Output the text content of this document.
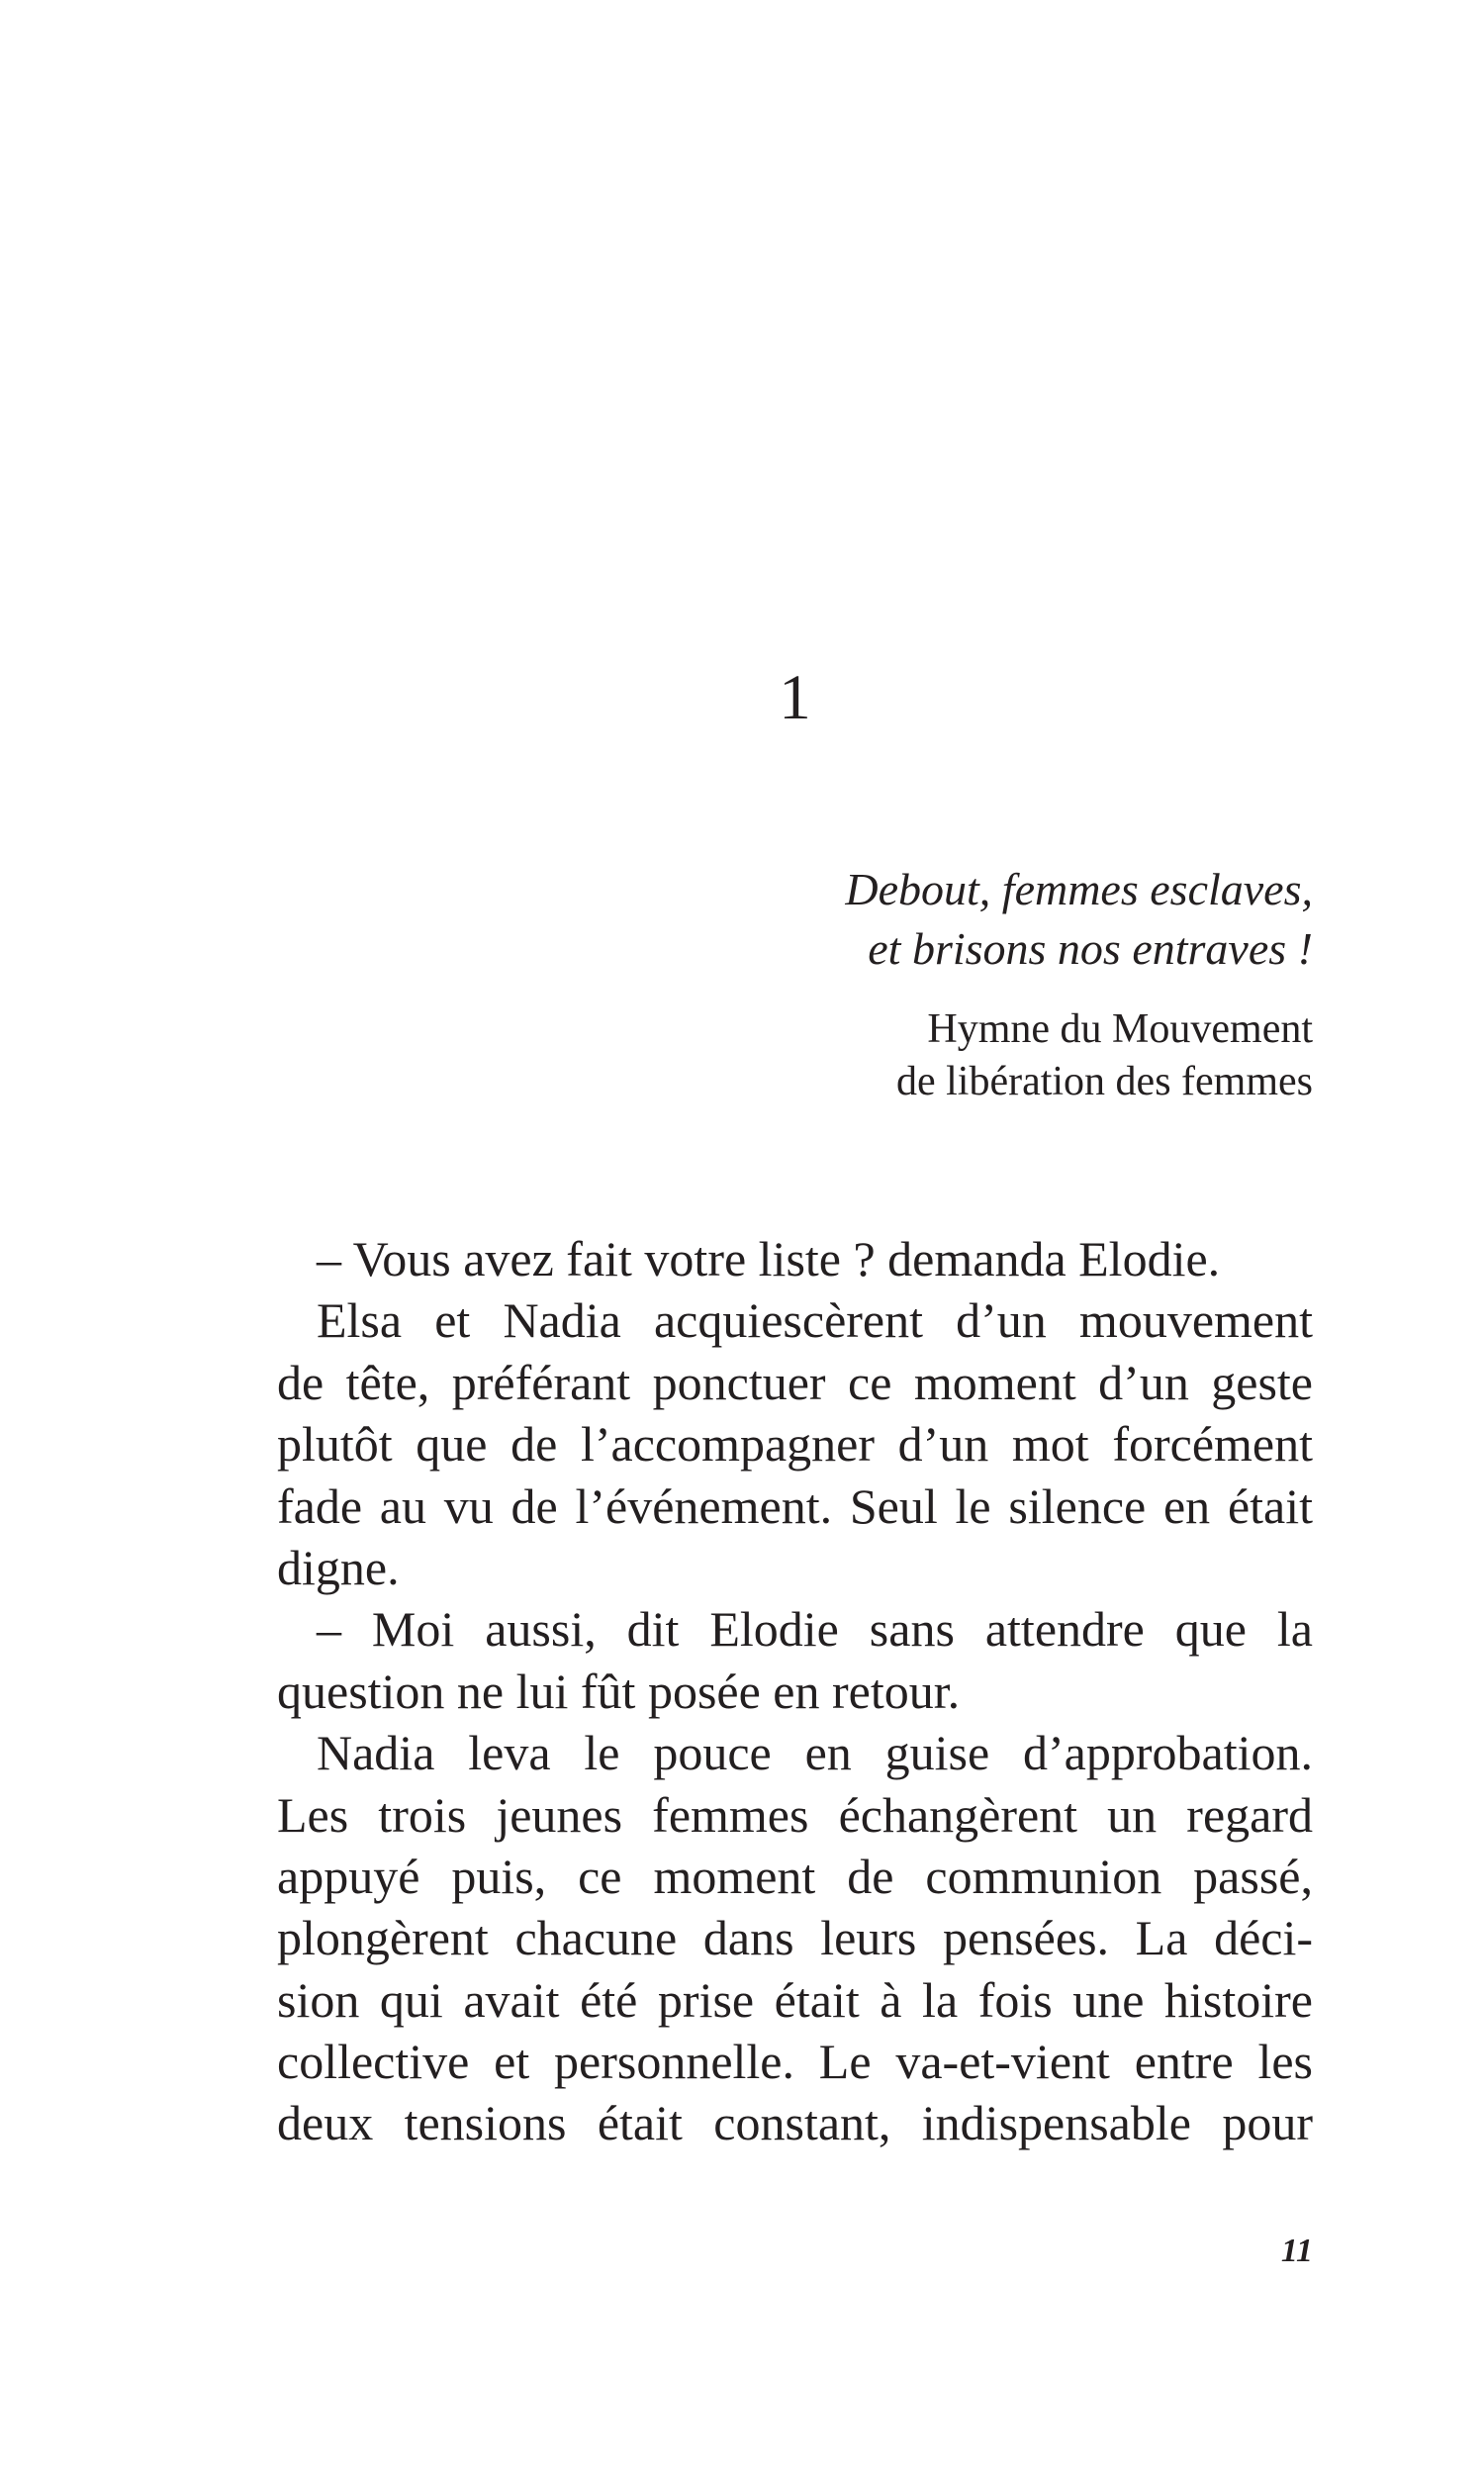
1
Debout, femmes esclaves,
et brisons nos entraves !
Hymne du Mouvement
de libération des femmes
– Vous avez fait votre liste ? demanda Elodie.
Elsa et Nadia acquiescèrent d’un mouvement
de tête, préférant ponctuer ce moment d’un geste
plutôt que de l’accompagner d’un mot forcément
fade au vu de l’événement. Seul le silence en était
digne.
– Moi aussi, dit Elodie sans attendre que la
question ne lui fût posée en retour.
Nadia leva le pouce en guise d’approbation.
Les trois jeunes femmes échangèrent un regard
appuyé puis, ce moment de communion passé,
plongèrent chacune dans leurs pensées. La déci-
sion qui avait été prise était à la fois une histoire
collective et personnelle. Le va-et-vient entre les
deux tensions était constant, indispensable pour
11
